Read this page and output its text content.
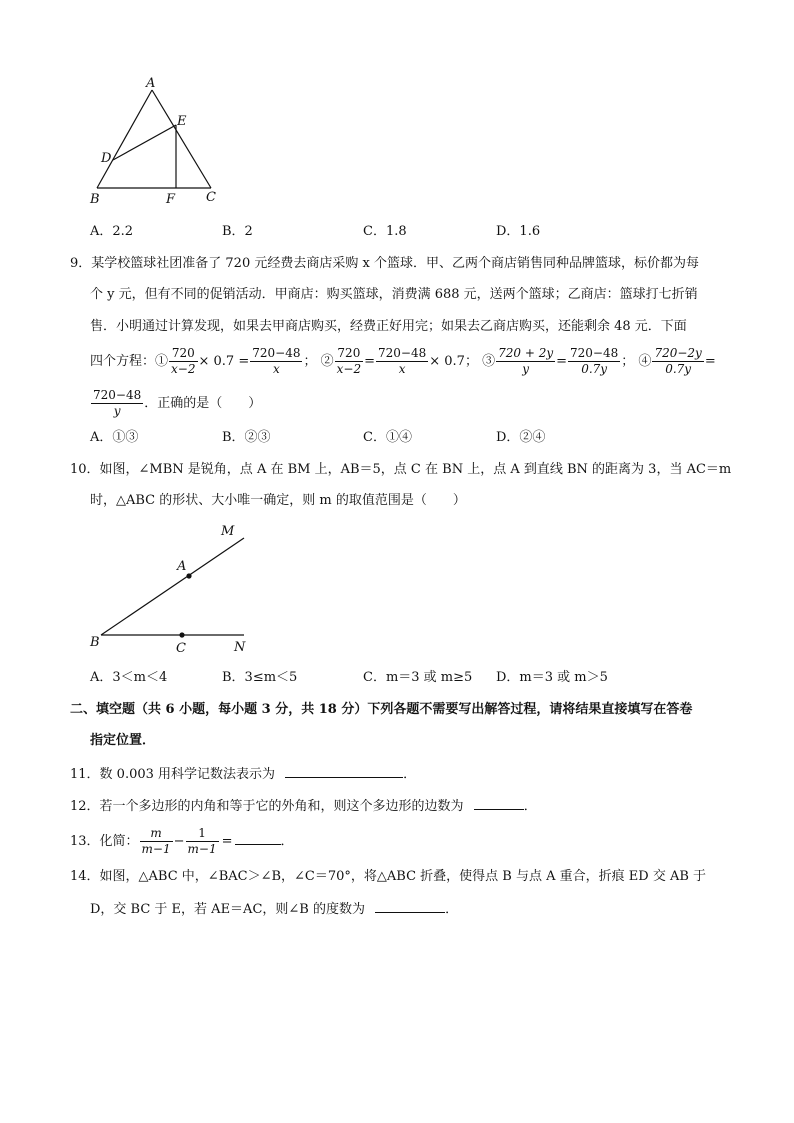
A
E
D
B	F C
A．2.2	B．2	C．1.8	D．1.6
9．某学校篮球社团准备了 720 元经费去商店采购 x 个篮球．甲、乙两个商店销售同种品牌篮球，标价都为每
个 y 元，但有不同的促销活动．甲商店：购买篮球，消费满 688 元，送两个篮球；乙商店：篮球打七折销
售．小明通过计算发现，如果去甲商店购买，经费正好用完；如果去乙商店购买，还能剩余 48 元．下面
四个方程：① $\frac{720}{x-2} \times 0.7 = \frac{720-48}{x}$ ； ② $\frac{720}{x-2} = \frac{720-48}{x} \times 0.7$； ③ $\frac{720 + 2y}{y} = \frac{720-48}{0.7y}$ ； ④ $\frac{720-2y}{0.7y}$ =
$\frac{720-48}{y}$ ．正确的是（　　）
A．①③	B．②③	C．①④	D．②④
10．如图，∠MBN 是锐角，点 A 在 BM 上，AB＝5，点 C 在 BN 上，点 A 到直线 BN 的距离为 3，当 AC＝m
时，△ABC 的形状、大小唯一确定，则 m 的取值范围是（　　）
M
A
B	C	N
A．3＜m＜4	B．3≤m＜5	C．m＝3 或 m≥5 D．m＝3 或 m＞5
二、填空题（共 6 小题，每小题 3 分，共 18 分）下列各题不需要写出解答过程，请将结果直接填写在答卷
指定位置．
11．数 0.003 用科学记数法表示为	．
12．若一个多边形的内角和等于它的外角和，则这个多边形的边数为	．
13．化简： $\frac{m}{m-1} - \frac{1}{m-1}$ =	．
14．如图，△ABC 中，∠BAC＞∠B，∠C＝70°，将△ABC 折叠，使得点 B 与点 A 重合，折痕 ED 交 AB 于
D，交 BC 于 E，若 AE＝AC，则∠B 的度数为	．
